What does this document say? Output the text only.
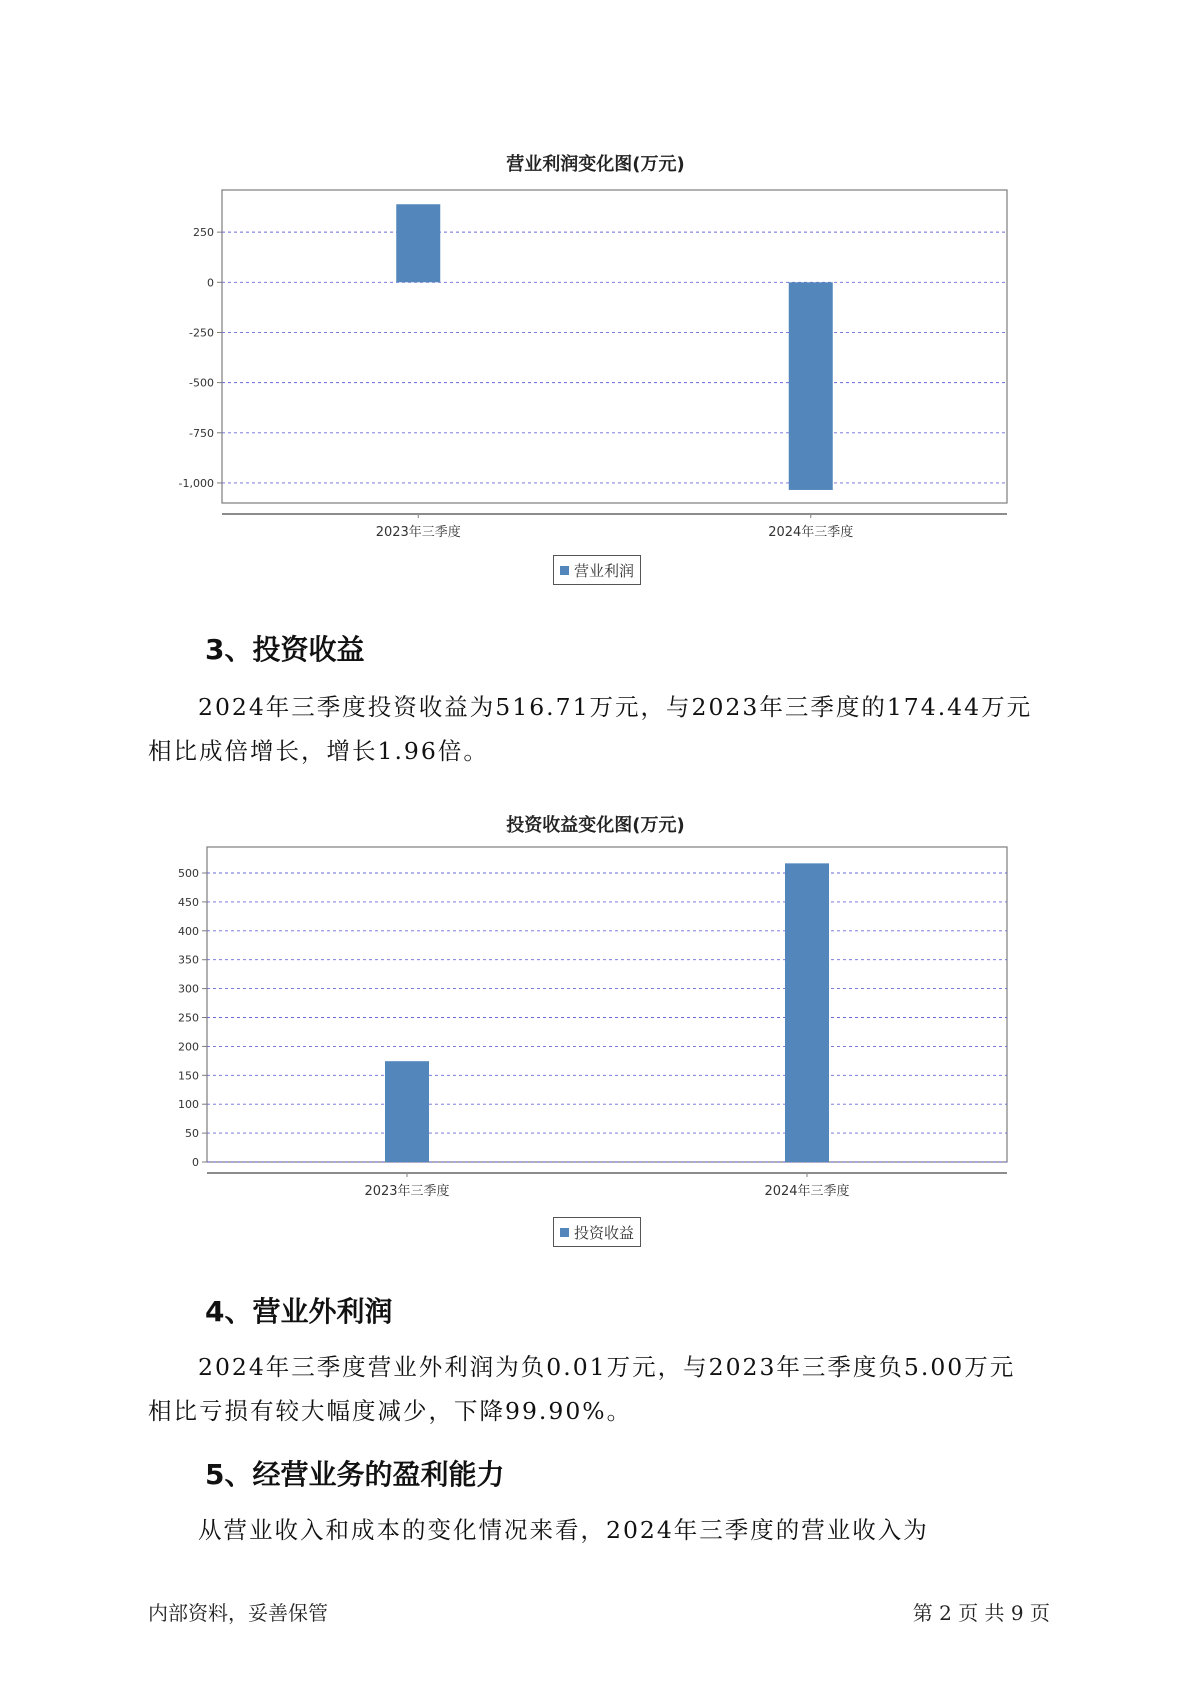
营业利润变化图(万元)
250
0
-250
-500
-750
-1,000
2023年三季度	2024年三季度
营业利润
3、投资收益
2024年三季度投资收益为516.71万元，与2023年三季度的174.44万元
相比成倍增长，增长1.96倍。
投资收益变化图(万元)
0
50
100
150
200
250
300
350
400
450
500
2023年三季度	2024年三季度
投资收益
4、营业外利润
2024年三季度营业外利润为负0.01万元，与2023年三季度负5.00万元
相比亏损有较大幅度减少，下降99.90%。
5、经营业务的盈利能力
从营业收入和成本的变化情况来看，2024年三季度的营业收入为
内部资料，妥善保管	第 2 页 共 9 页
